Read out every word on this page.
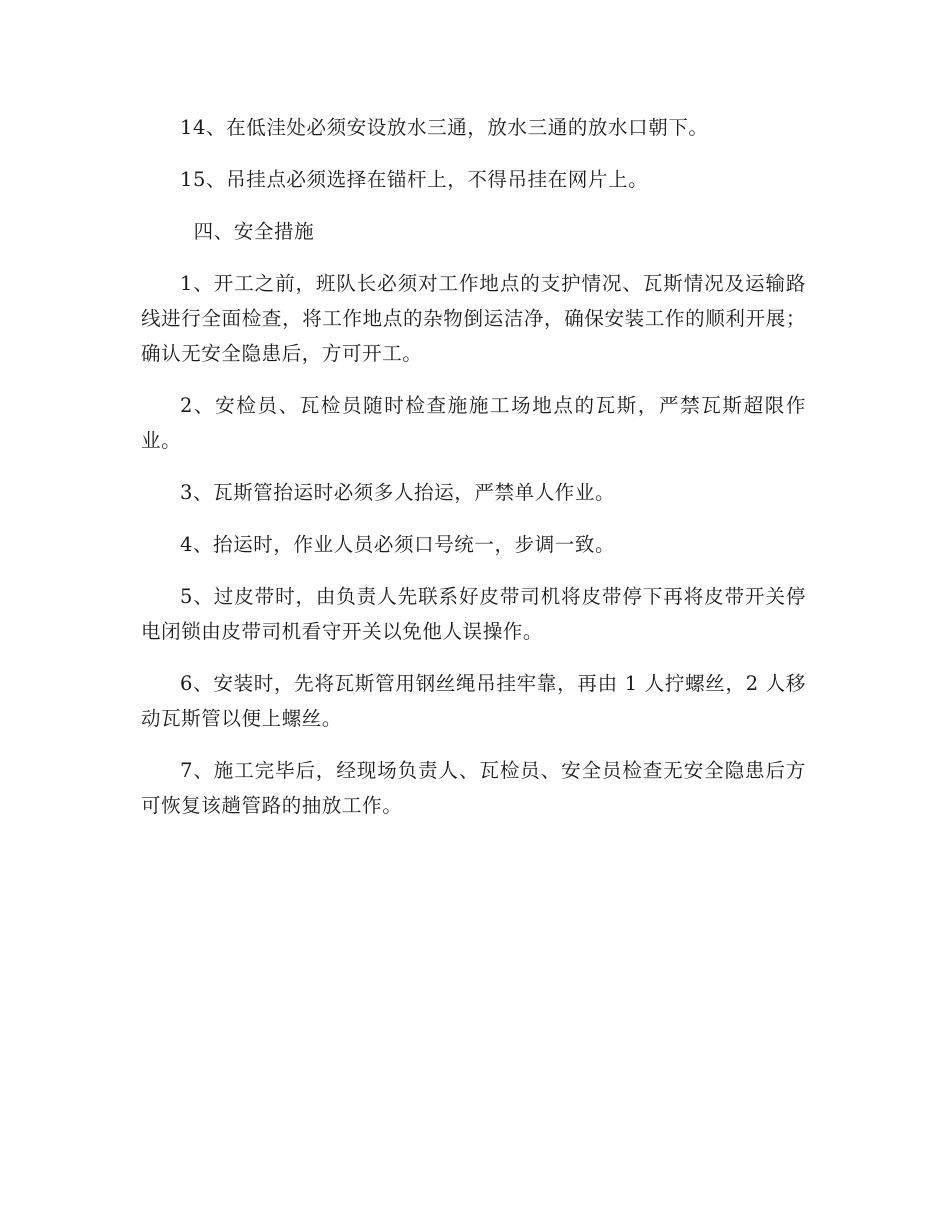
14、在低洼处必须安设放水三通，放水三通的放水口朝下。

15、吊挂点必须选择在锚杆上，不得吊挂在网片上。

四、安全措施

1、开工之前，班队长必须对工作地点的支护情况、瓦斯情况及运输路线进行全面检查，将工作地点的杂物倒运洁净，确保安装工作的顺利开展；确认无安全隐患后，方可开工。

2、安检员、瓦检员随时检查施施工场地点的瓦斯，严禁瓦斯超限作业。

3、瓦斯管抬运时必须多人抬运，严禁单人作业。

4、抬运时，作业人员必须口号统一，步调一致。

5、过皮带时，由负责人先联系好皮带司机将皮带停下再将皮带开关停电闭锁由皮带司机看守开关以免他人误操作。

6、安装时，先将瓦斯管用钢丝绳吊挂牢靠，再由 1 人拧螺丝，2 人移动瓦斯管以便上螺丝。

7、施工完毕后，经现场负责人、瓦检员、安全员检查无安全隐患后方可恢复该趟管路的抽放工作。
